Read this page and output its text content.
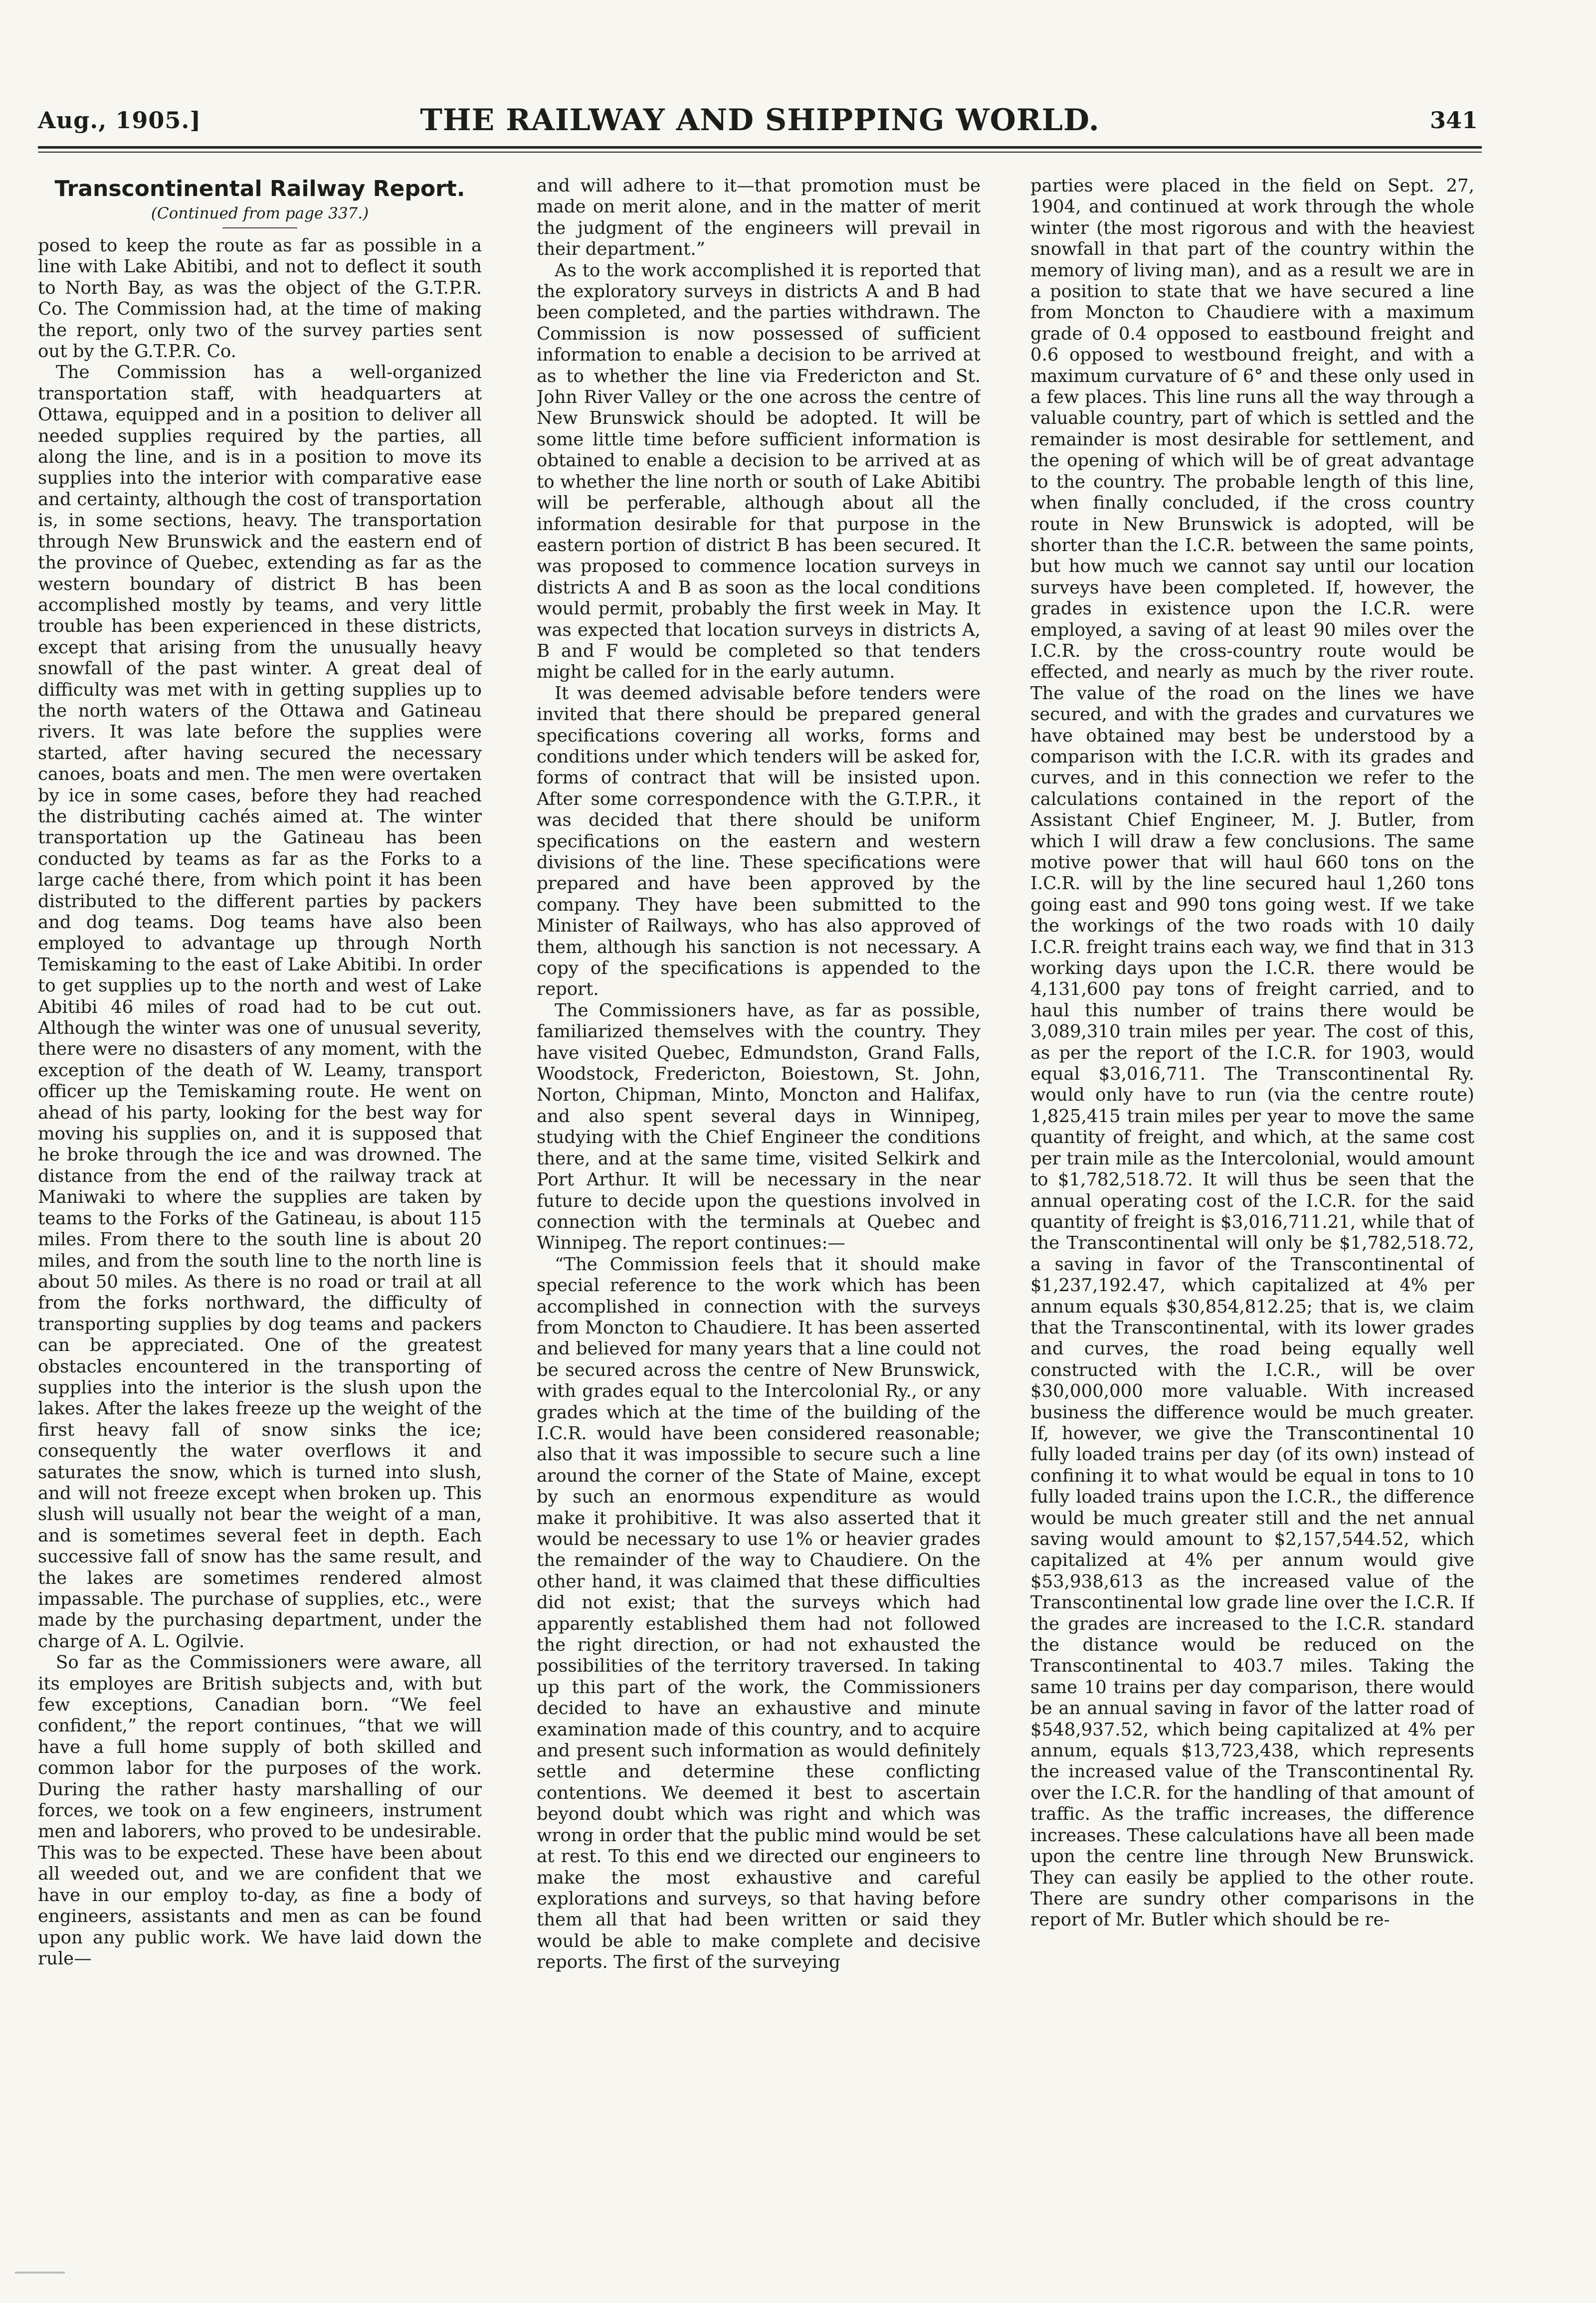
Aug., 1905.]	THE RAILWAY AND SHIPPING WORLD.	341
Transcontinental Railway Report.
(Continued from page 337.)

posed to keep the route as far as possible in a line with Lake Abitibi, and not to deflect it south to North Bay, as was the object of the G.T.P.R. Co. The Commission had, at the time of making the report, only two of the survey parties sent out by the G.T.P.R. Co.

The Commission has a well-organized transportation staff, with headquarters at Ottawa, equipped and in a position to deliver all needed supplies required by the parties, all along the line, and is in a position to move its supplies into the interior with comparative ease and certainty, although the cost of transportation is, in some sections, heavy. The transportation through New Brunswick and the eastern end of the province of Quebec, extending as far as the western boundary of district B has been accomplished mostly by teams, and very little trouble has been experienced in these districts, except that arising from the unusually heavy snowfall of the past winter. A great deal of difficulty was met with in getting supplies up to the north waters of the Ottawa and Gatineau rivers. It was late before the supplies were started, after having secured the necessary canoes, boats and men. The men were overtaken by ice in some cases, before they had reached the distributing cachés aimed at. The winter transportation up the Gatineau has been conducted by teams as far as the Forks to a large caché there, from which point it has been distributed to the different parties by packers and dog teams. Dog teams have also been employed to advantage up through North Temiskaming to the east of Lake Abitibi. In order to get supplies up to the north and west of Lake Abitibi 46 miles of road had to be cut out. Although the winter was one of unusual severity, there were no disasters of any moment, with the exception of the death of W. Leamy, transport officer up the Temiskaming route. He went on ahead of his party, looking for the best way for moving his supplies on, and it is supposed that he broke through the ice and was drowned. The distance from the end of the railway track at Maniwaki to where the supplies are taken by teams to the Forks of the Gatineau, is about 115 miles. From there to the south line is about 20 miles, and from the south line to the north line is about 50 miles. As there is no road or trail at all from the forks northward, the difficulty of transporting supplies by dog teams and packers can be appreciated. One of the greatest obstacles encountered in the transporting of supplies into the interior is the slush upon the lakes. After the lakes freeze up the weight of the first heavy fall of snow sinks the ice; consequently the water overflows it and saturates the snow, which is turned into slush, and will not freeze except when broken up. This slush will usually not bear the weight of a man, and is sometimes several feet in depth. Each successive fall of snow has the same result, and the lakes are sometimes rendered almost impassable. The purchase of supplies, etc., were made by the purchasing department, under the charge of A. L. Ogilvie.

So far as the Commissioners were aware, all its employes are British subjects and, with but few exceptions, Canadian born. “We feel confident,” the report continues, “that we will have a full home supply of both skilled and common labor for the purposes of the work. During the rather hasty marshalling of our forces, we took on a few engineers, instrument men and laborers, who proved to be undesirable. This was to be expected. These have been about all weeded out, and we are confident that we have in our employ to-day, as fine a body of engineers, assistants and men as can be found upon any public work. We have laid down the rule—

and will adhere to it—that promotion must be made on merit alone, and in the matter of merit the judgment of the engineers will prevail in their department.”

As to the work accomplished it is reported that the exploratory surveys in districts A and B had been completed, and the parties withdrawn. The Commission is now possessed of sufficient information to enable a decision to be arrived at as to whether the line via Fredericton and St. John River Valley or the one across the centre of New Brunswick should be adopted. It will be some little time before sufficient information is obtained to enable a decision to be arrived at as to whether the line north or south of Lake Abitibi will be perferable, although about all the information desirable for that purpose in the eastern portion of district B has been secured. It was proposed to commence location surveys in districts A and B as soon as the local conditions would permit, probably the first week in May. It was expected that location surveys in districts A, B and F would be completed so that tenders might be called for in the early autumn.

It was deemed advisable before tenders were invited that there should be prepared general specifications covering all works, forms and conditions under which tenders will be asked for, forms of contract that will be insisted upon. After some correspondence with the G.T.P.R., it was decided that there should be uniform specifications on the eastern and western divisions of the line. These specifications were prepared and have been approved by the company. They have been submitted to the Minister of Railways, who has also approved of them, although his sanction is not necessary. A copy of the specifications is appended to the report.

The Commissioners have, as far as possible, familiarized themselves with the country. They have visited Quebec, Edmundston, Grand Falls, Woodstock, Fredericton, Boiestown, St. John, Norton, Chipman, Minto, Moncton and Halifax, and also spent several days in Winnipeg, studying with the Chief Engineer the conditions there, and at the same time, visited Selkirk and Port Arthur. It will be necessary in the near future to decide upon the questions involved in connection with the terminals at Quebec and Winnipeg. The report continues:—

“The Commission feels that it should make special reference to the work which has been accomplished in connection with the surveys from Moncton to Chaudiere. It has been asserted and believed for many years that a line could not be secured across the centre of New Brunswick, with grades equal to the Intercolonial Ry., or any grades which at the time of the building of the I.C.R. would have been considered reasonable; also that it was impossible to secure such a line around the corner of the State of Maine, except by such an enormous expenditure as would make it prohibitive. It was also asserted that it would be necessary to use 1% or heavier grades the remainder of the way to Chaudiere. On the other hand, it was claimed that these difficulties did not exist; that the surveys which had apparently established them had not followed the right direction, or had not exhausted the possibilities of the territory traversed. In taking up this part of the work, the Commissioners decided to have an exhaustive and minute examination made of this country, and to acquire and present such information as would definitely settle and determine these conflicting contentions. We deemed it best to ascertain beyond doubt which was right and which was wrong in order that the public mind would be set at rest. To this end we directed our engineers to make the most exhaustive and careful explorations and surveys, so that having before them all that had been written or said they would be able to make complete and decisive reports. The first of the surveying

parties were placed in the field on Sept. 27, 1904, and continued at work through the whole winter (the most rigorous and with the heaviest snowfall in that part of the country within the memory of living man), and as a result we are in a position to state that we have secured a line from Moncton to Chaudiere with a maximum grade of 0.4 opposed to eastbound freight and 0.6 opposed to westbound freight, and with a maximum curvature of 6° and these only used in a few places. This line runs all the way through a valuable country, part of which is settled and the remainder is most desirable for settlement, and the opening of which will be of great advantage to the country. The probable length of this line, when finally concluded, if the cross country route in New Brunswick is adopted, will be shorter than the I.C.R. between the same points, but how much we cannot say until our location surveys have been completed. If, however, the grades in existence upon the I.C.R. were employed, a saving of at least 90 miles over the I.C.R. by the cross-country route would be effected, and nearly as much by the river route. The value of the road on the lines we have secured, and with the grades and curvatures we have obtained may best be understood by a comparison with the I.C.R. with its grades and curves, and in this connection we refer to the calculations contained in the report of the Assistant Chief Engineer, M. J. Butler, from which I will draw a few conclusions. The same motive power that will haul 660 tons on the I.C.R. will by the line secured haul 1,260 tons going east and 990 tons going west. If we take the workings of the two roads with 10 daily I.C.R. freight trains each way, we find that in 313 working days upon the I.C.R. there would be 4,131,600 pay tons of freight carried, and to haul this number of trains there would be 3,089,310 train miles per year. The cost of this, as per the report of the I.C.R. for 1903, would equal $3,016,711. The Transcontinental Ry. would only have to run (via the centre route) 1,825,415 train miles per year to move the same quantity of freight, and which, at the same cost per train mile as the Intercolonial, would amount to $1,782,518.72. It will thus be seen that the annual operating cost of the I.C.R. for the said quantity of freight is $3,016,711.21, while that of the Transcontinental will only be $1,782,518.72, a saving in favor of the Transcontinental of $1,237,192.47, which capitalized at 4% per annum equals $30,854,812.25; that is, we claim that the Transcontinental, with its lower grades and curves, the road being equally well constructed with the I.C.R., will be over $30,000,000 more valuable. With increased business the difference would be much greater. If, however, we give the Transcontinental 10 fully loaded trains per day (of its own) instead of confining it to what would be equal in tons to 10 fully loaded trains upon the I.C.R., the difference would be much greater still and the net annual saving would amount to $2,157,544.52, which capitalized at 4% per annum would give $53,938,613 as the increased value of the Transcontinental low grade line over the I.C.R. If the grades are increased to the I.C.R. standard the distance would be reduced on the Transcontinental to 403.7 miles. Taking the same 10 trains per day comparison, there would be an annual saving in favor of the latter road of $548,937.52, which being capitalized at 4% per annum, equals $13,723,438, which represents the increased value of the Transcontinental Ry. over the I.C.R. for the handling of that amount of traffic. As the traffic increases, the difference increases. These calculations have all been made upon the centre line through New Brunswick. They can easily be applied to the other route. There are sundry other comparisons in the report of Mr. Butler which should be re-
